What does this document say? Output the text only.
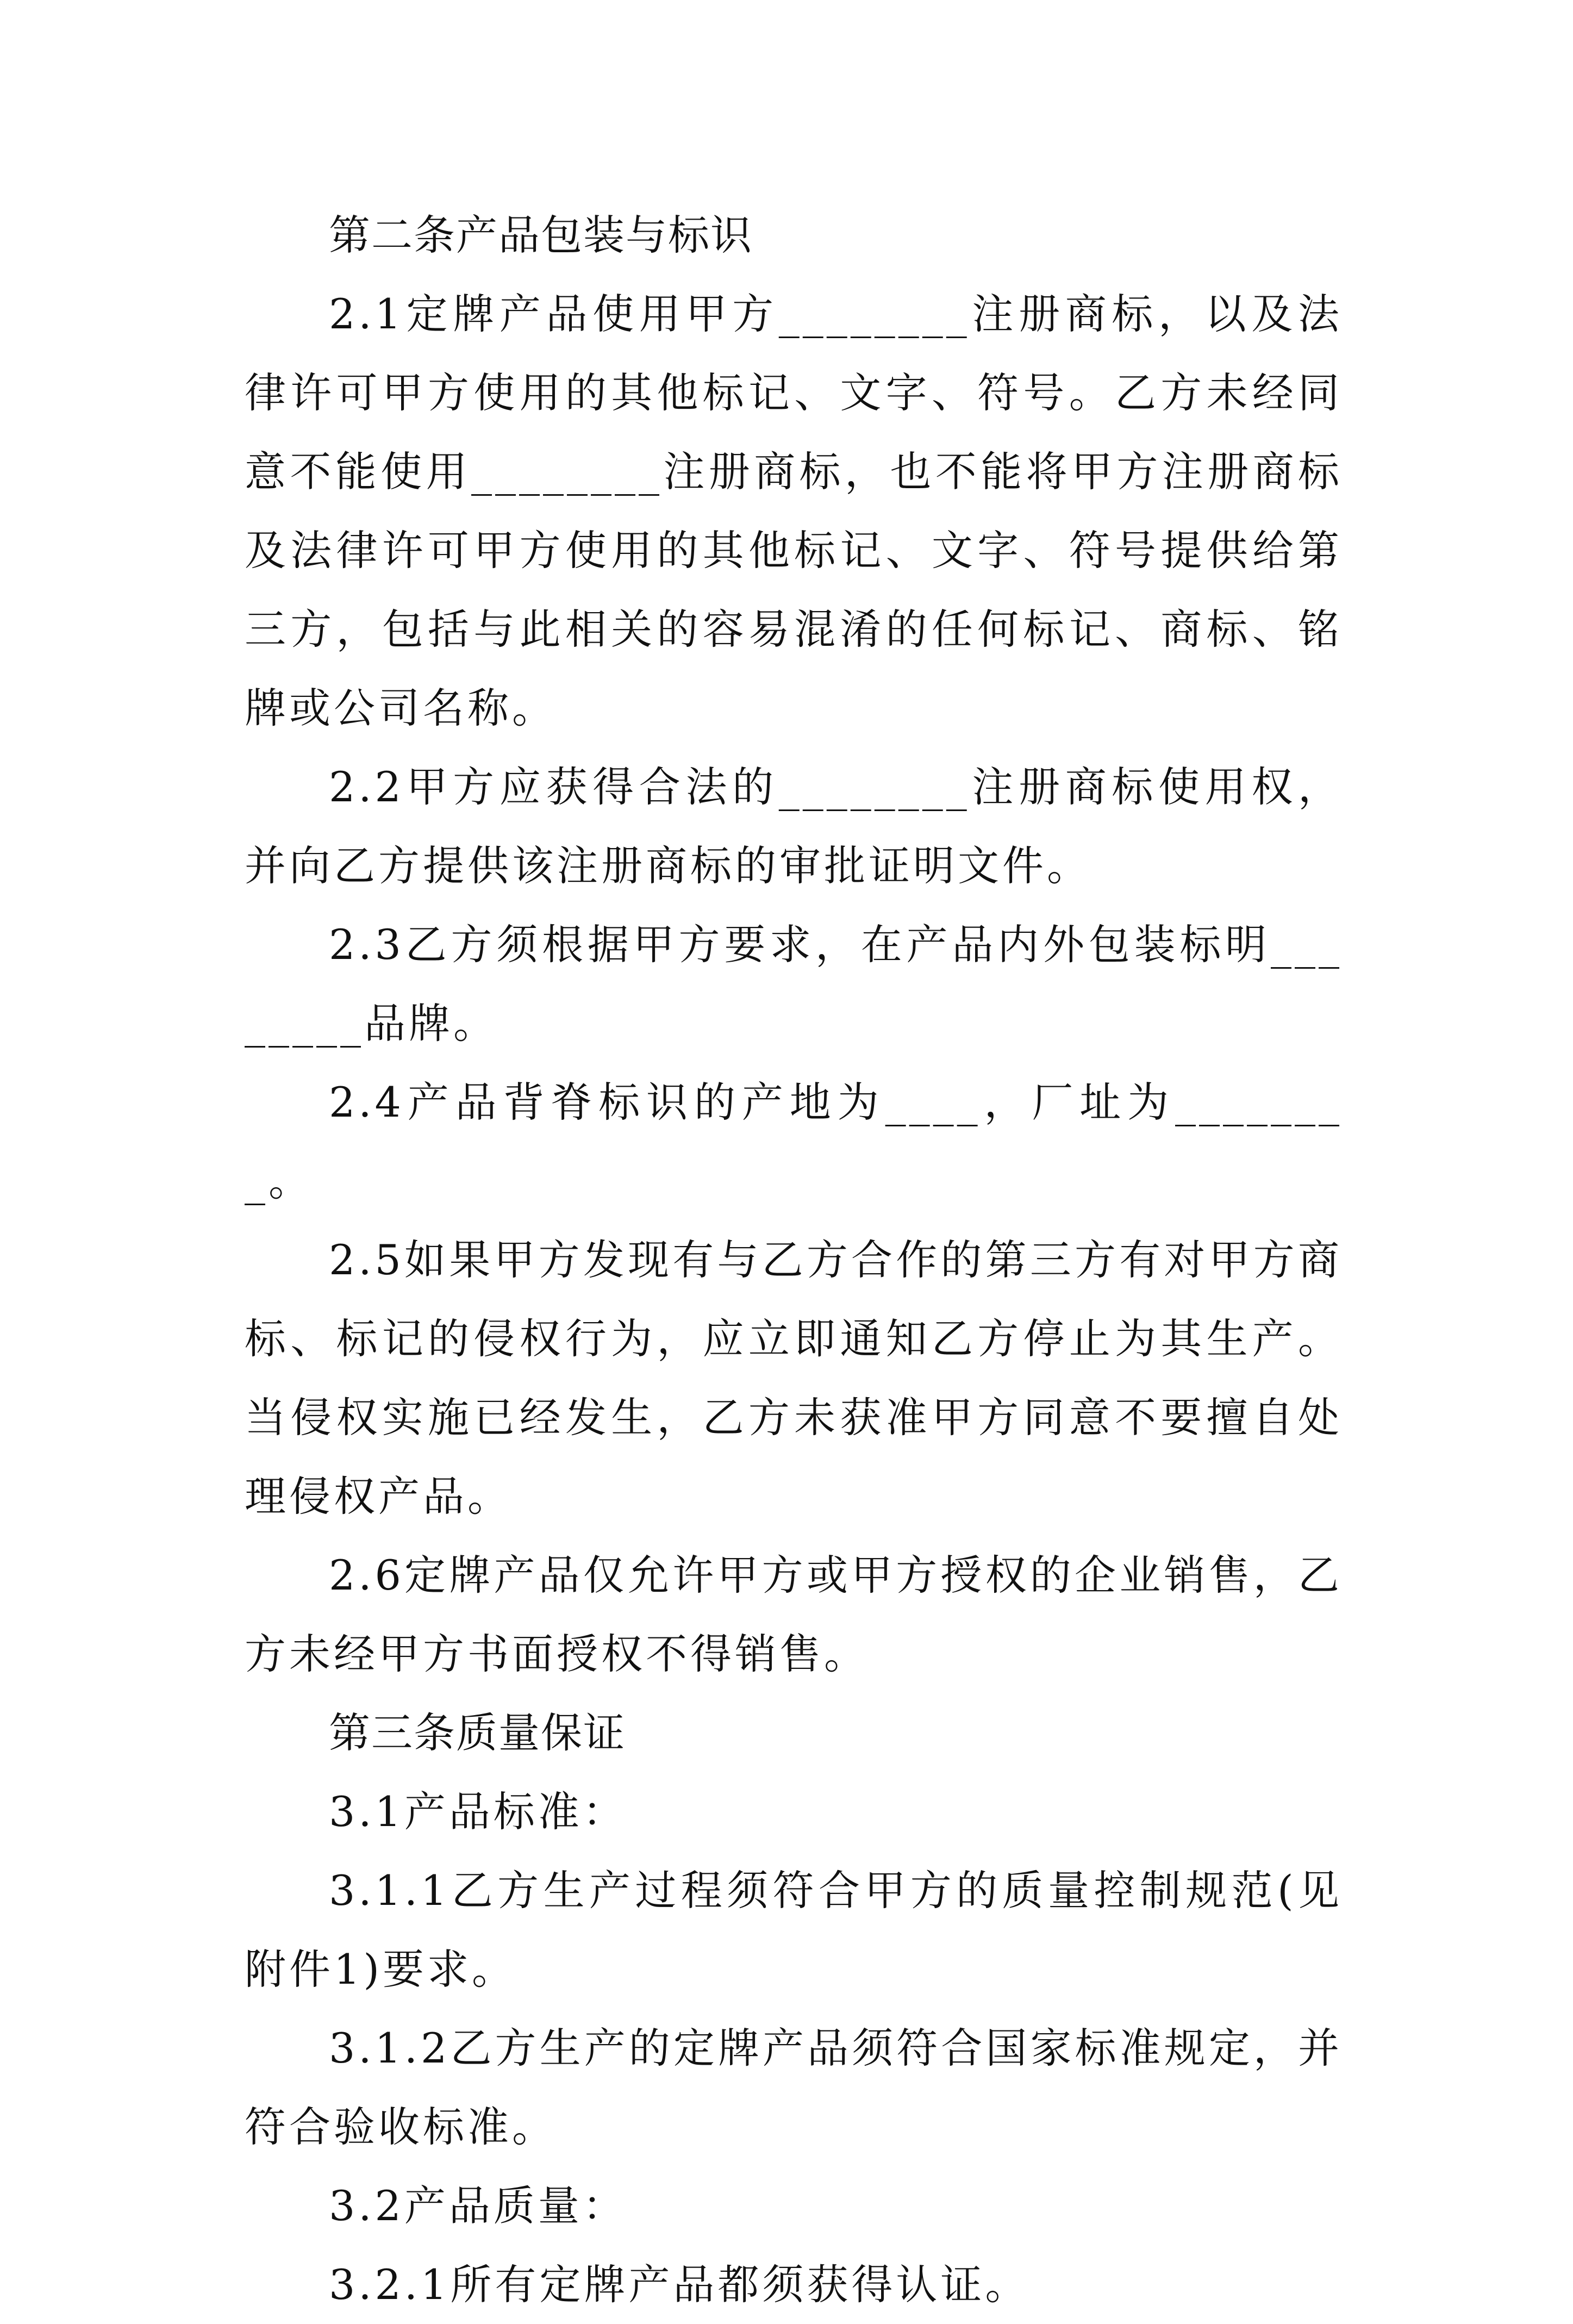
第二条产品包装与标识

2.1定牌产品使用甲方________注册商标，以及法律许可甲方使用的其他标记、文字、符号。乙方未经同意不能使用________注册商标，也不能将甲方注册商标及法律许可甲方使用的其他标记、文字、符号提供给第三方，包括与此相关的容易混淆的任何标记、商标、铭牌或公司名称。

2.2甲方应获得合法的________注册商标使用权，并向乙方提供该注册商标的审批证明文件。

2.3乙方须根据甲方要求，在产品内外包装标明________品牌。

2.4产品背脊标识的产地为____，厂址为________。

2.5如果甲方发现有与乙方合作的第三方有对甲方商标、标记的侵权行为，应立即通知乙方停止为其生产。当侵权实施已经发生，乙方未获准甲方同意不要擅自处理侵权产品。

2.6定牌产品仅允许甲方或甲方授权的企业销售，乙方未经甲方书面授权不得销售。

第三条质量保证

3.1产品标准：

3.1.1乙方生产过程须符合甲方的质量控制规范(见附件1)要求。

3.1.2乙方生产的定牌产品须符合国家标准规定，并符合验收标准。

3.2产品质量：

3.2.1所有定牌产品都须获得认证。
